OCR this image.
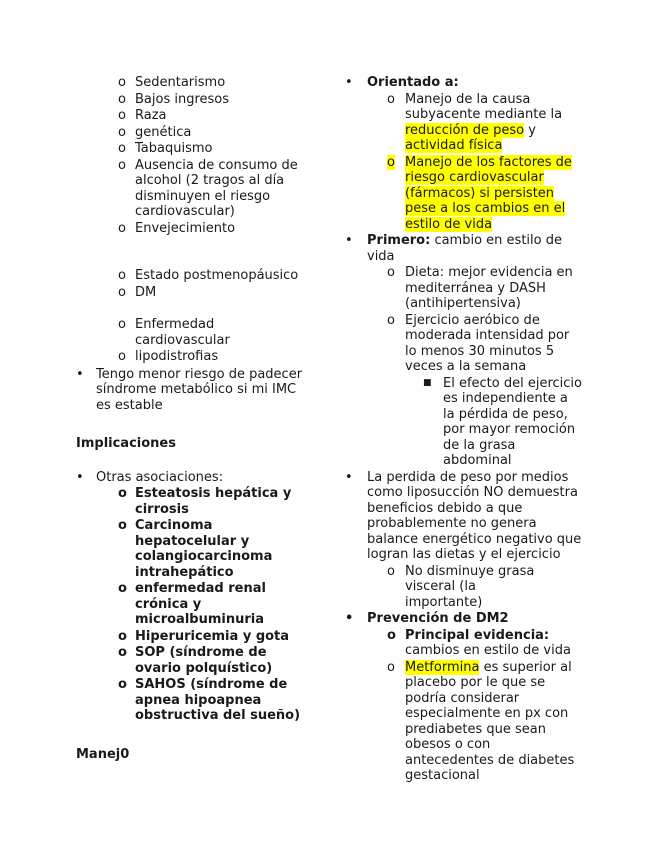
o Sedentarismo
o Bajos ingresos
o Raza
o genética
o Tabaquismo
o Ausencia de consumo de alcohol (2 tragos al día disminuyen el riesgo cardiovascular)
o Envejecimiento
o Estado postmenopáusico
o DM
o Enfermedad cardiovascular
o lipodistrofias
• Tengo menor riesgo de padecer síndrome metabólico si mi IMC es estable
Implicaciones
• Otras asociaciones:
o Esteatosis hepática y cirrosis
o Carcinoma hepatocelular y colangiocarcinoma intrahepático
o enfermedad renal crónica y microalbuminuria
o Hiperuricemia y gota
o SOP (síndrome de ovario polquístico)
o SAHOS (síndrome de apnea hipoapnea obstructiva del sueño)
Manej0
• Orientado a:
o Manejo de la causa subyacente mediante la reducción de peso y actividad física
o Manejo de los factores de riesgo cardiovascular (fármacos) si persisten pese a los cambios en el estilo de vida
• Primero: cambio en estilo de vida
o Dieta: mejor evidencia en mediterránea y DASH (antihipertensiva)
o Ejercicio aeróbico de moderada intensidad por lo menos 30 minutos 5 veces a la semana
■ El efecto del ejercicio es independiente a la pérdida de peso, por mayor remoción de la grasa abdominal
• La perdida de peso por medios como liposucción NO demuestra beneficios debido a que probablemente no genera balance energético negativo que logran las dietas y el ejercicio
o No disminuye grasa visceral (la importante)
• Prevención de DM2
o Principal evidencia: cambios en estilo de vida
o Metformina es superior al placebo por le que se podría considerar especialmente en px con prediabetes que sean obesos o con antecedentes de diabetes gestacional
